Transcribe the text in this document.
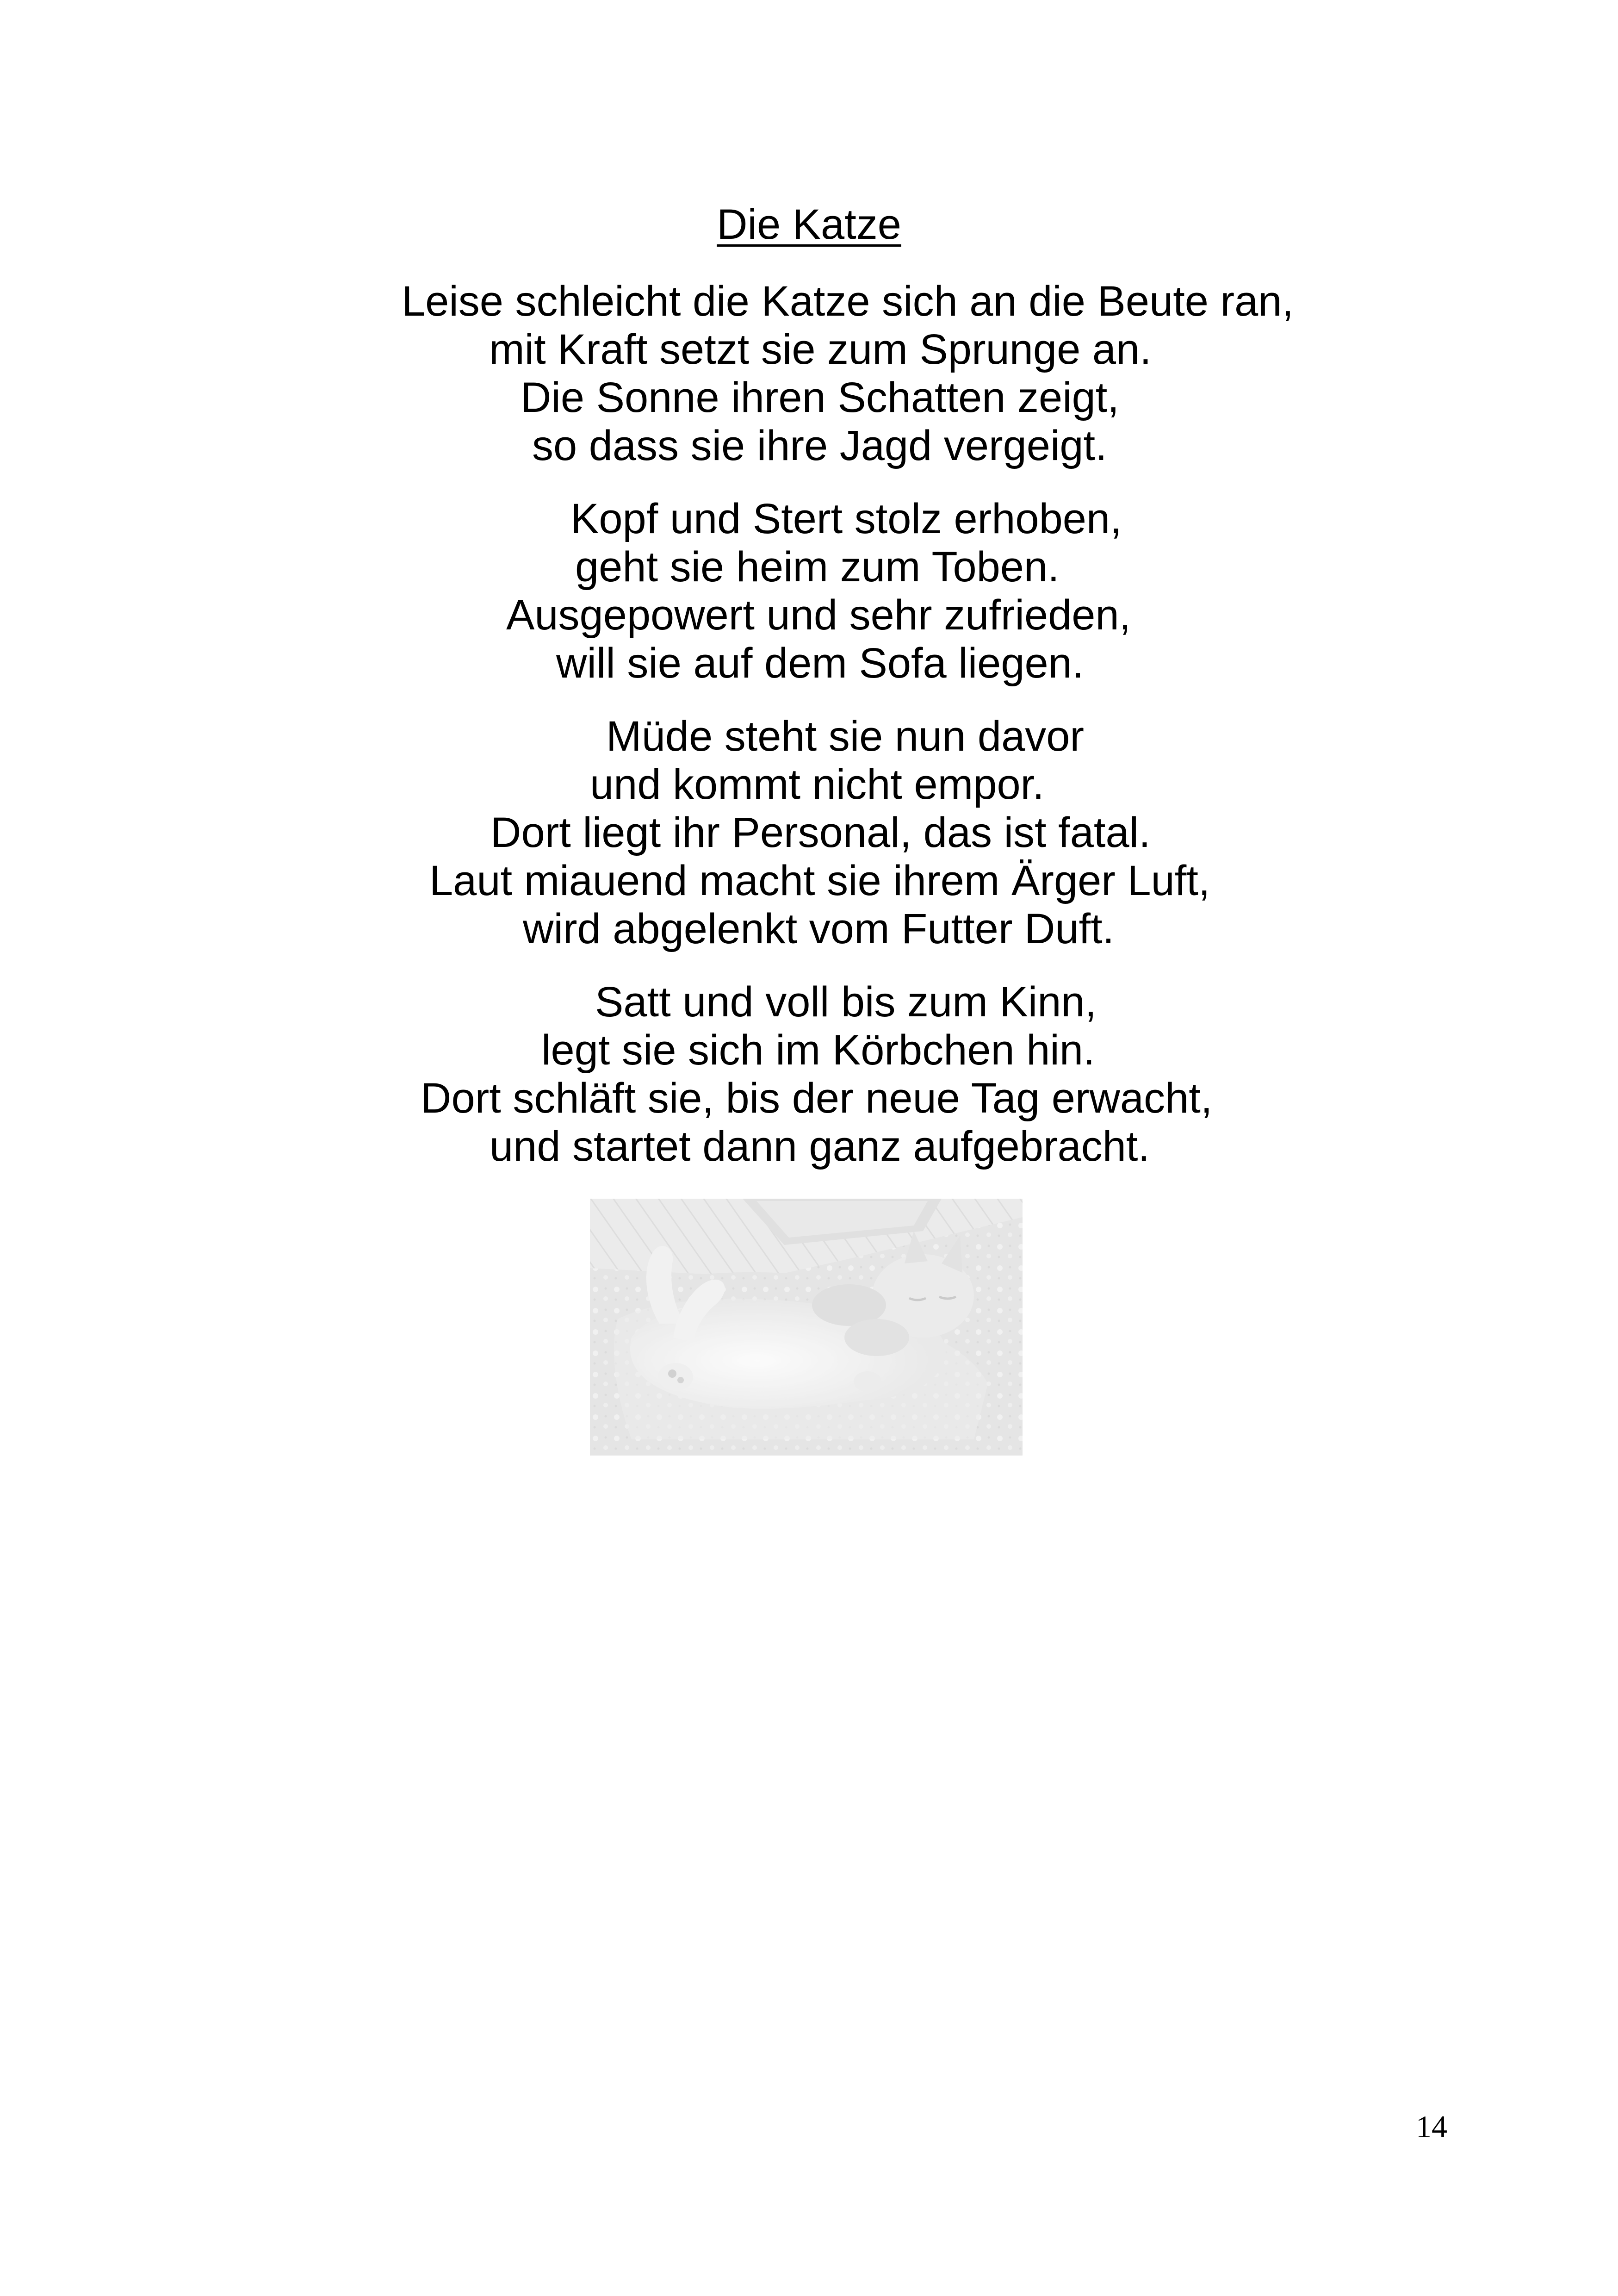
Die Katze

Leise schleicht die Katze sich an die Beute ran,

mit Kraft setzt sie zum Sprunge an.

Die Sonne ihren Schatten zeigt,

so dass sie ihre Jagd vergeigt.

Kopf und Stert stolz erhoben,

geht sie heim zum Toben.

Ausgepowert und sehr zufrieden,

will sie auf dem Sofa liegen.

Müde steht sie nun davor

und kommt nicht empor.

Dort liegt ihr Personal, das ist fatal.

Laut miauend macht sie ihrem Ärger Luft,

wird abgelenkt vom Futter Duft.

Satt und voll bis zum Kinn,

legt sie sich im Körbchen hin.

Dort schläft sie, bis der neue Tag erwacht,

und startet dann ganz aufgebracht.

14
